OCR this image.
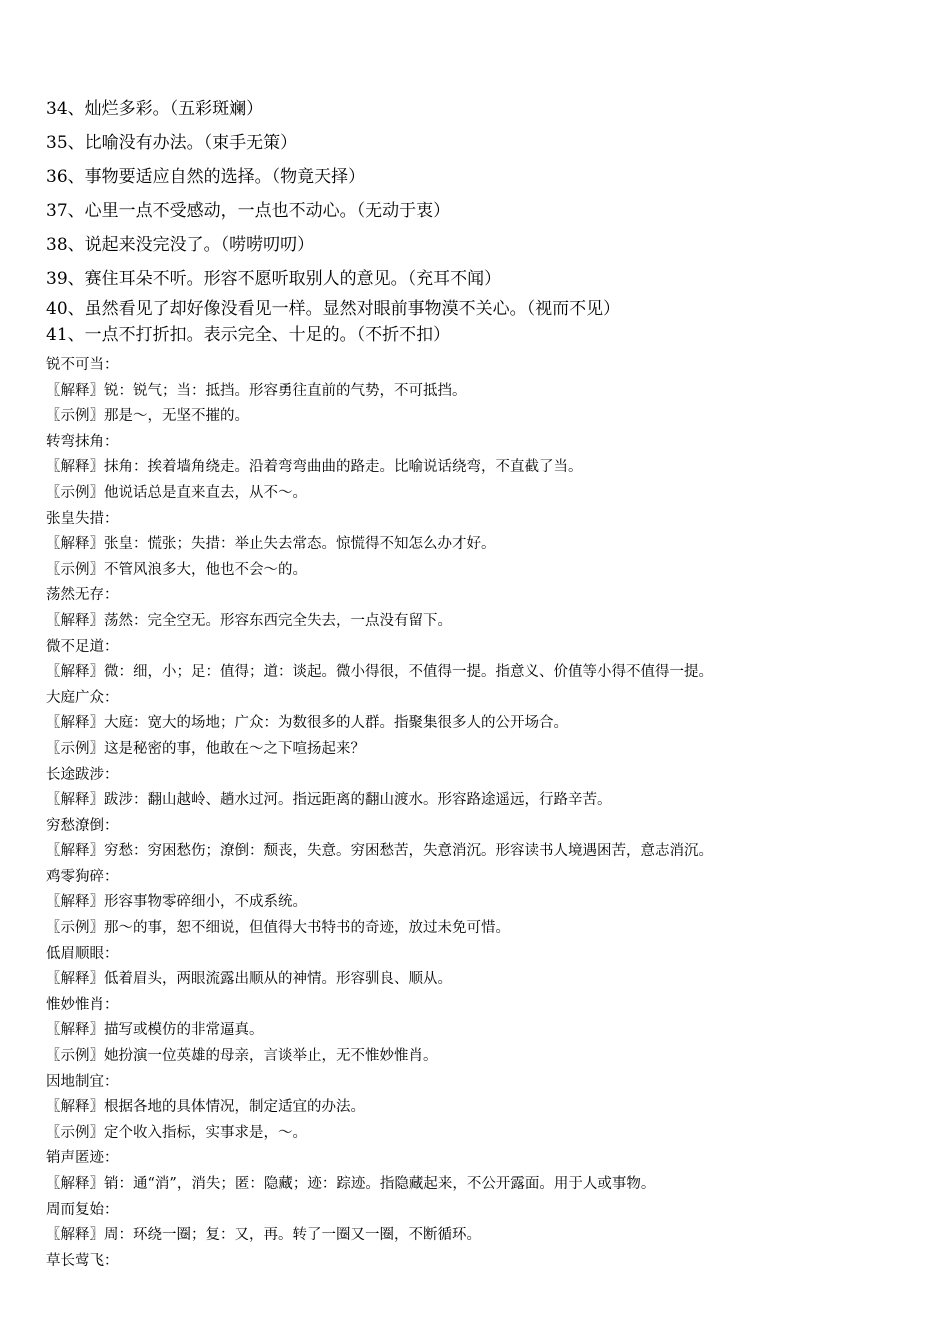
34、灿烂多彩。（五彩斑斓）
35、比喻没有办法。（束手无策）
36、事物要适应自然的选择。（物竟天择）
37、心里一点不受感动，一点也不动心。（无动于衷）
38、说起来没完没了。（唠唠叨叨）
39、赛住耳朵不听。形容不愿听取别人的意见。（充耳不闻）
40、虽然看见了却好像没看见一样。显然对眼前事物漠不关心。（视而不见）
41、一点不打折扣。表示完全、十足的。（不折不扣）
锐不可当：
〖解释〗锐：锐气；当：抵挡。形容勇往直前的气势，不可抵挡。
〖示例〗那是～，无坚不摧的。
转弯抹角：
〖解释〗抹角：挨着墙角绕走。沿着弯弯曲曲的路走。比喻说话绕弯，不直截了当。
〖示例〗他说话总是直来直去，从不～。
张皇失措：
〖解释〗张皇：慌张；失措：举止失去常态。惊慌得不知怎么办才好。
〖示例〗不管风浪多大，他也不会～的。
荡然无存：
〖解释〗荡然：完全空无。形容东西完全失去，一点没有留下。
微不足道：
〖解释〗微：细，小；足：值得；道：谈起。微小得很，不值得一提。指意义、价值等小得不值得一提。
大庭广众：
〖解释〗大庭：宽大的场地；广众：为数很多的人群。指聚集很多人的公开场合。
〖示例〗这是秘密的事，他敢在～之下喧扬起来？
长途跋涉：
〖解释〗跋涉：翻山越岭、趟水过河。指远距离的翻山渡水。形容路途遥远，行路辛苦。
穷愁潦倒：
〖解释〗穷愁：穷困愁伤；潦倒：颓丧，失意。穷困愁苦，失意消沉。形容读书人境遇困苦，意志消沉。
鸡零狗碎：
〖解释〗形容事物零碎细小，不成系统。
〖示例〗那～的事，恕不细说，但值得大书特书的奇迹，放过未免可惜。
低眉顺眼：
〖解释〗低着眉头，两眼流露出顺从的神情。形容驯良、顺从。
惟妙惟肖：
〖解释〗描写或模仿的非常逼真。
〖示例〗她扮演一位英雄的母亲，言谈举止，无不惟妙惟肖。
因地制宜：
〖解释〗根据各地的具体情况，制定适宜的办法。
〖示例〗定个收入指标，实事求是，～。
销声匿迹：
〖解释〗销：通“消”，消失；匿：隐藏；迹：踪迹。指隐藏起来，不公开露面。用于人或事物。
周而复始：
〖解释〗周：环绕一圈；复：又，再。转了一圈又一圈，不断循环。
草长莺飞：
